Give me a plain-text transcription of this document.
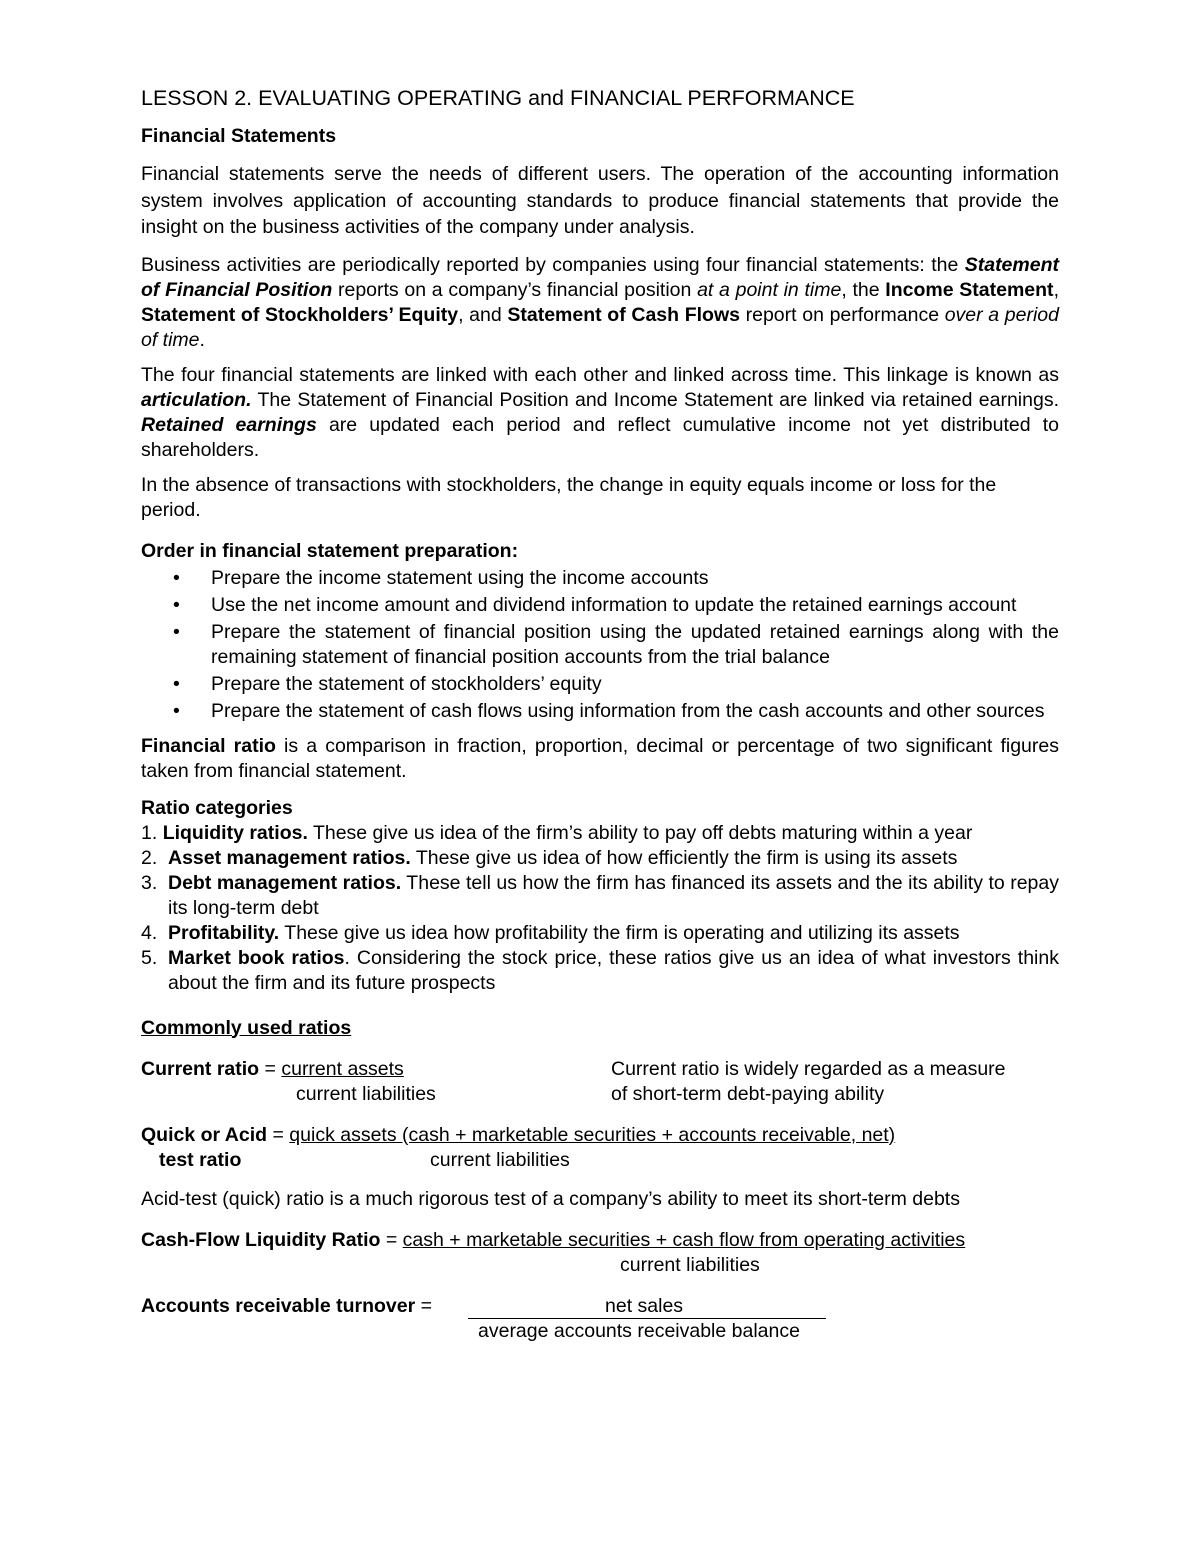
LESSON 2. EVALUATING OPERATING and FINANCIAL PERFORMANCE

Financial Statements

Financial statements serve the needs of different users. The operation of the accounting information system involves application of accounting standards to produce financial statements that provide the insight on the business activities of the company under analysis.

Business activities are periodically reported by companies using four financial statements: the Statement of Financial Position reports on a company’s financial position at a point in time, the Income Statement, Statement of Stockholders’ Equity, and Statement of Cash Flows report on performance over a period of time.

The four financial statements are linked with each other and linked across time. This linkage is known as articulation. The Statement of Financial Position and Income Statement are linked via retained earnings. Retained earnings are updated each period and reflect cumulative income not yet distributed to shareholders.

In the absence of transactions with stockholders, the change in equity equals income or loss for the period.

Order in financial statement preparation:

• Prepare the income statement using the income accounts
• Use the net income amount and dividend information to update the retained earnings account
• Prepare the statement of financial position using the updated retained earnings along with the remaining statement of financial position accounts from the trial balance
• Prepare the statement of stockholders’ equity
• Prepare the statement of cash flows using information from the cash accounts and other sources

Financial ratio is a comparison in fraction, proportion, decimal or percentage of two significant figures taken from financial statement.

Ratio categories

1. Liquidity ratios. These give us idea of the firm’s ability to pay off debts maturing within a year
2. Asset management ratios. These give us idea of how efficiently the firm is using its assets
3. Debt management ratios. These tell us how the firm has financed its assets and the its ability to repay its long-term debt
4. Profitability. These give us idea how profitability the firm is operating and utilizing its assets
5. Market book ratios. Considering the stock price, these ratios give us an idea of what investors think about the firm and its future prospects

Commonly used ratios

Current ratio = current assets	Current ratio is widely regarded as a measure
current liabilities	of short-term debt-paying ability
Quick or Acid = quick assets (cash + marketable securities + accounts receivable, net)
test ratio	current liabilities

Acid-test (quick) ratio is a much rigorous test of a company’s ability to meet its short-term debts

Cash-Flow Liquidity Ratio = cash + marketable securities + cash flow from operating activities
current liabilities
Accounts receivable turnover =	net sales
average accounts receivable balance
